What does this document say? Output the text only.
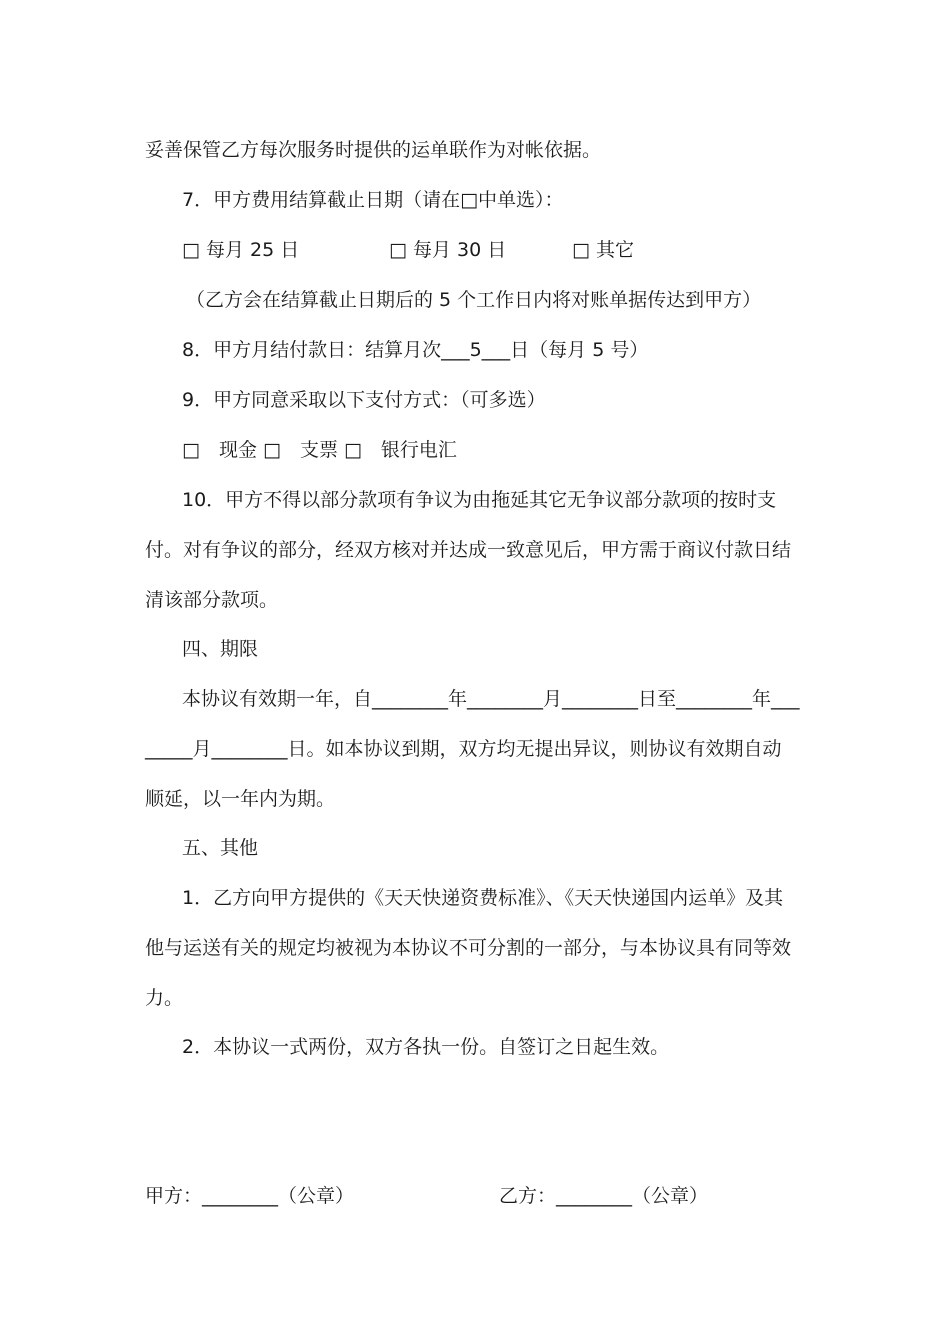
妥善保管乙方每次服务时提供的运单联作为对帐依据。
7．甲方费用结算截止日期（请在□中单选）：
□ 每月 25 日	□ 每月 30 日	□ 其它
（乙方会在结算截止日期后的 5 个工作日内将对账单据传达到甲方）
8．甲方月结付款日：结算月次___5___日（每月 5 号）
9．甲方同意采取以下支付方式：（可多选）
□　现金 □　支票 □　银行电汇
10．甲方不得以部分款项有争议为由拖延其它无争议部分款项的按时支
付。对有争议的部分，经双方核对并达成一致意见后，甲方需于商议付款日结
清该部分款项。
四、期限
本协议有效期一年，自________年________月________日至________年___
_____月________日。如本协议到期，双方均无提出异议，则协议有效期自动
顺延，以一年内为期。
五、其他
1．乙方向甲方提供的《天天快递资费标准》、《天天快递国内运单》及其
他与运送有关的规定均被视为本协议不可分割的一部分，与本协议具有同等效
力。
2．本协议一式两份，双方各执一份。自签订之日起生效。
甲方：________（公章）	乙方：________（公章）
